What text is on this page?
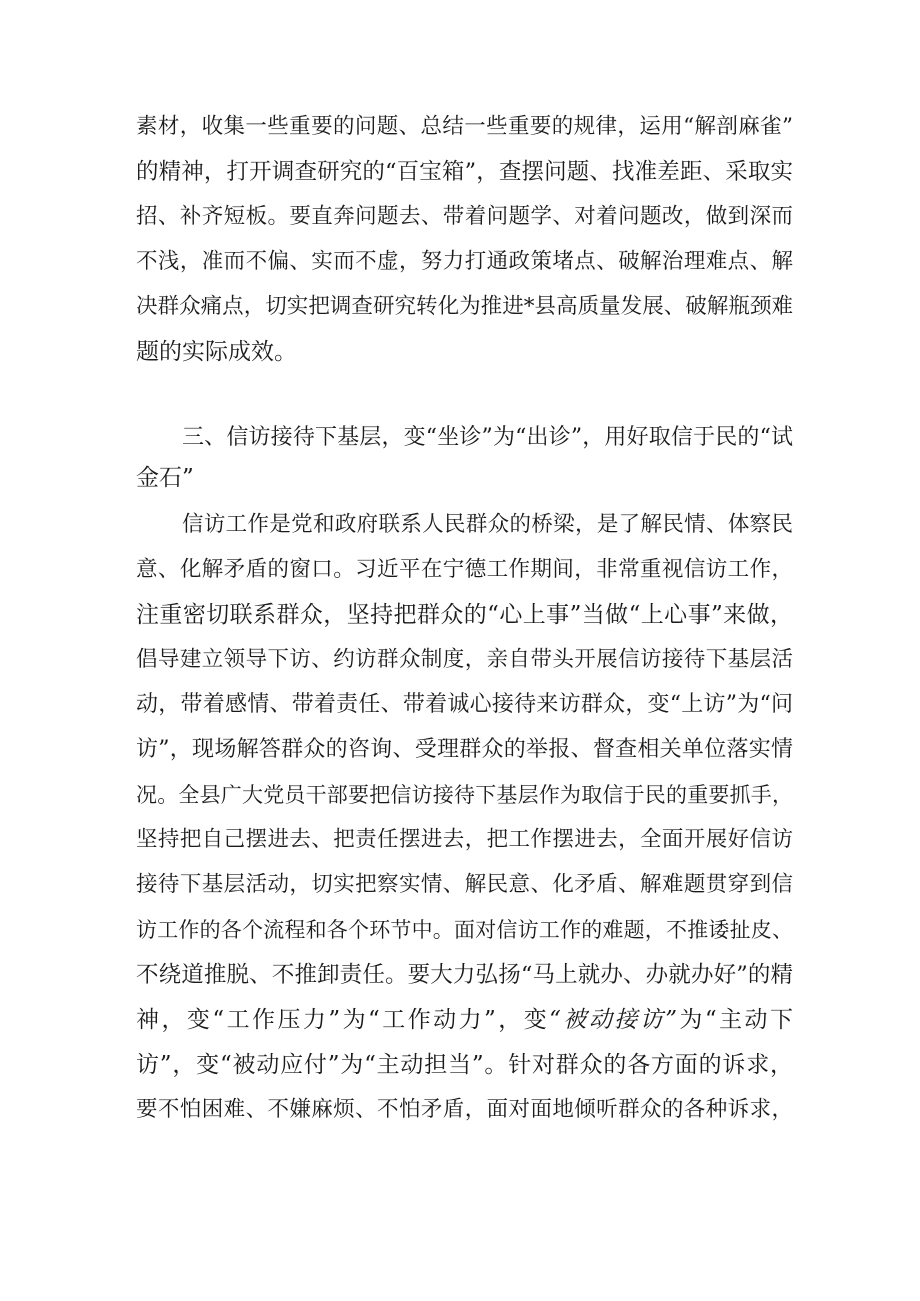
素材，收集一些重要的问题、总结一些重要的规律，运用“解剖麻雀”
的精神，打开调查研究的“百宝箱”，查摆问题、找准差距、采取实
招、补齐短板。要直奔问题去、带着问题学、对着问题改，做到深而
不浅，准而不偏、实而不虚，努力打通政策堵点、破解治理难点、解
决群众痛点，切实把调查研究转化为推进*县高质量发展、破解瓶颈难
题的实际成效。
三、信访接待下基层，变“坐诊”为“出诊”，用好取信于民的“试
金石”
信访工作是党和政府联系人民群众的桥梁，是了解民情、体察民
意、化解矛盾的窗口。习近平在宁德工作期间，非常重视信访工作，
注重密切联系群众，坚持把群众的“心上事”当做“上心事”来做，
倡导建立领导下访、约访群众制度，亲自带头开展信访接待下基层活
动，带着感情、带着责任、带着诚心接待来访群众，变“上访”为“问
访”，现场解答群众的咨询、受理群众的举报、督查相关单位落实情
况。全县广大党员干部要把信访接待下基层作为取信于民的重要抓手，
坚持把自己摆进去、把责任摆进去，把工作摆进去，全面开展好信访
接待下基层活动，切实把察实情、解民意、化矛盾、解难题贯穿到信
访工作的各个流程和各个环节中。面对信访工作的难题，不推诿扯皮、
不绕道推脱、不推卸责任。要大力弘扬“马上就办、办就办好”的精
神，变“工作压力”为“工作动力”，变“被动接访”为“主动下
访”，变“被动应付”为“主动担当”。针对群众的各方面的诉求，
要不怕困难、不嫌麻烦、不怕矛盾，面对面地倾听群众的各种诉求，
